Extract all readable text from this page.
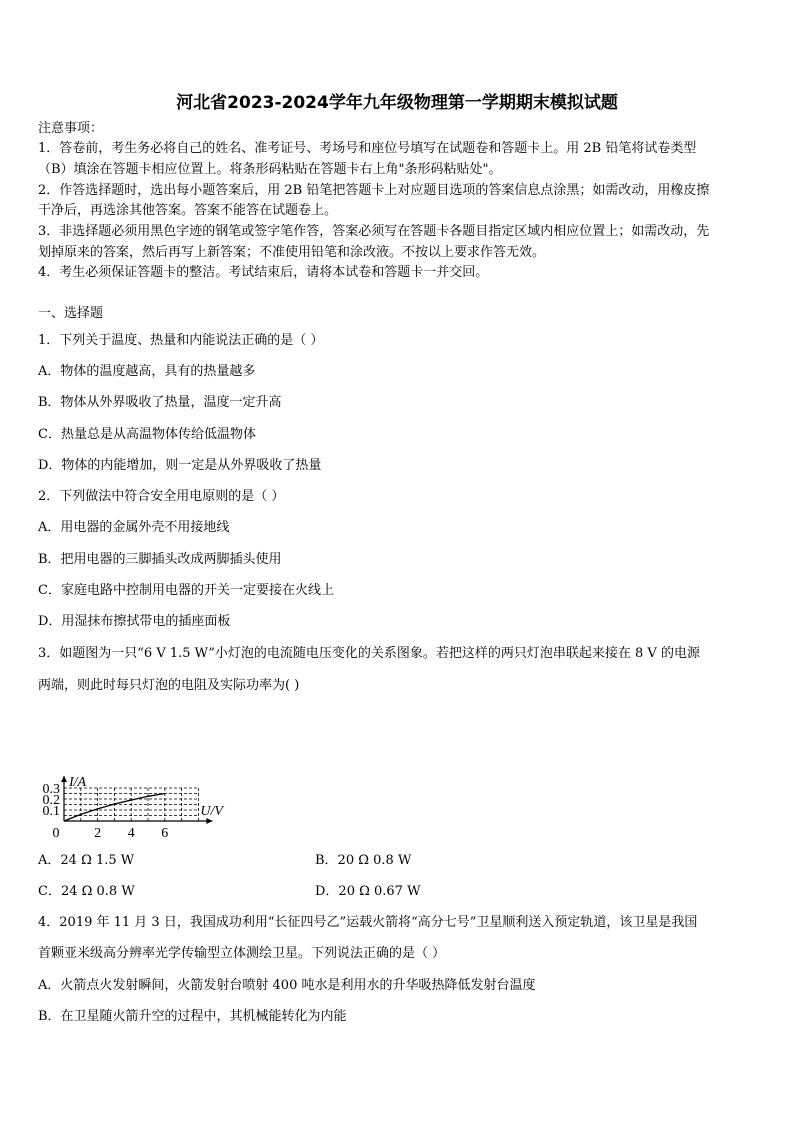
河北省2023-2024学年九年级物理第一学期期末模拟试题
注意事项：
1．答卷前，考生务必将自己的姓名、准考证号、考场号和座位号填写在试题卷和答题卡上。用 2B 铅笔将试卷类型
（B）填涂在答题卡相应位置上。将条形码粘贴在答题卡右上角"条形码粘贴处"。
2．作答选择题时，选出每小题答案后，用 2B 铅笔把答题卡上对应题目选项的答案信息点涂黑；如需改动，用橡皮擦
干净后，再选涂其他答案。答案不能答在试题卷上。
3．非选择题必须用黑色字迹的钢笔或签字笔作答，答案必须写在答题卡各题目指定区域内相应位置上；如需改动，先
划掉原来的答案，然后再写上新答案；不准使用铅笔和涂改液。不按以上要求作答无效。
4．考生必须保证答题卡的整洁。考试结束后，请将本试卷和答题卡一并交回。
一、选择题
1．下列关于温度、热量和内能说法正确的是（ ）
A．物体的温度越高，具有的热量越多
B．物体从外界吸收了热量，温度一定升高
C．热量总是从高温物体传给低温物体
D．物体的内能增加，则一定是从外界吸收了热量
2．下列做法中符合安全用电原则的是（ ）
A．用电器的金属外壳不用接地线
B．把用电器的三脚插头改成两脚插头使用
C．家庭电路中控制用电器的开关一定要接在火线上
D．用湿抹布擦拭带电的插座面板
3．如题图为一只“6 V 1.5 W”小灯泡的电流随电压变化的关系图象。若把这样的两只灯泡串联起来接在 8 V 的电源
两端，则此时每只灯泡的电阻及实际功率为( )
2 4 6
0.1
0.2
0.3
0
U/V
I/A
A．24 Ω 1.5 W	B．20 Ω 0.8 W
C．24 Ω 0.8 W	D．20 Ω 0.67 W
4．2019 年 11 月 3 日，我国成功利用“长征四号乙”运载火箭将“高分七号”卫星顺利送入预定轨道，该卫星是我国
首颗亚米级高分辨率光学传输型立体测绘卫星。下列说法正确的是（ ）
A．火箭点火发射瞬间，火箭发射台喷射 400 吨水是利用水的升华吸热降低发射台温度
B．在卫星随火箭升空的过程中，其机械能转化为内能
